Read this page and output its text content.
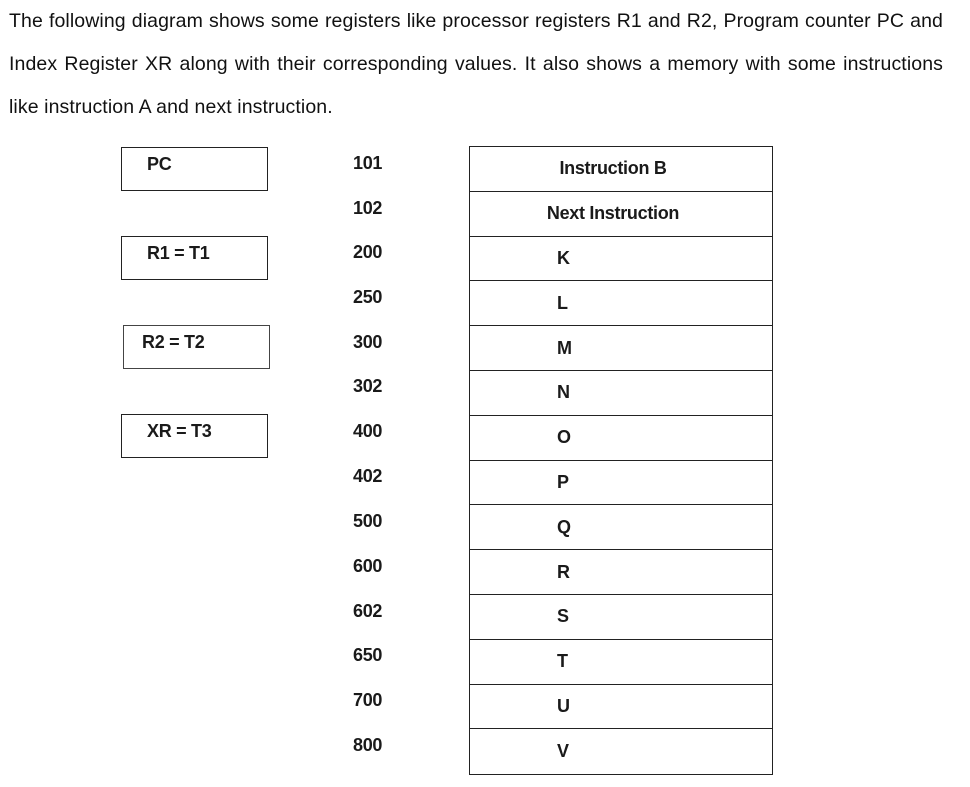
The following diagram shows some registers like processor registers R1 and R2, Program counter PC and Index Register XR along with their corresponding values. It also shows a memory with some instructions like instruction A and next instruction.
PC
R1 = T1
R2 = T2
XR = T3
101
102
200
250
300
302
400
402
500
600
602
650
700
800
Instruction B
Next Instruction
K
L
M
N
O
P
Q
R
S
T
U
V
